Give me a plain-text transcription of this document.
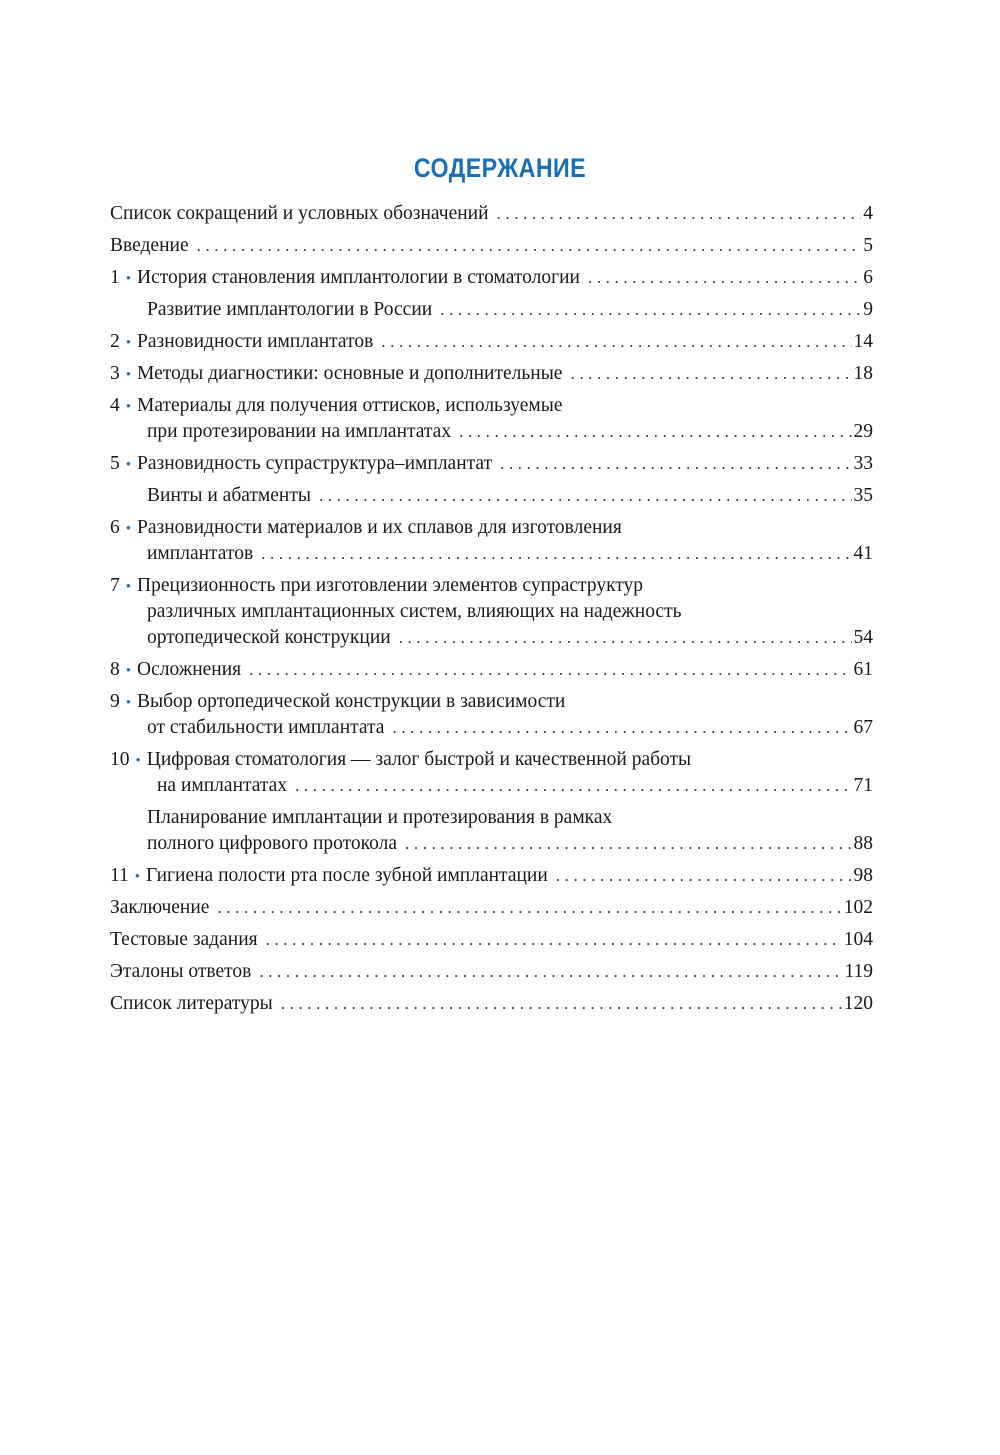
СОДЕРЖАНИЕ
Список сокращений и условных обозначений .....	4
Введение .....	5
1 • История становления имплантологии в стоматологии .....	6
Развитие имплантологии в России .....	9
2 • Разновидности имплантатов .....	14
3 • Методы диагностики: основные и дополнительные .....	18
4 • Материалы для получения оттисков, используемые
при протезировании на имплантатах .....	29
5 • Разновидность супраструктура–имплантат .....	33
Винты и абатменты .....	35
6 • Разновидности материалов и их сплавов для изготовления
имплантатов .....	41
7 • Прецизионность при изготовлении элементов супраструктур
различных имплантационных систем, влияющих на надежность
ортопедической конструкции .....	54
8 • Осложнения .....	61
9 • Выбор ортопедической конструкции в зависимости
от стабильности имплантата .....	67
10 • Цифровая стоматология — залог быстрой и качественной работы
на имплантатах .....	71
Планирование имплантации и протезирования в рамках
полного цифрового протокола .....	88
11 • Гигиена полости рта после зубной имплантации .....	98
Заключение .....	102
Тестовые задания .....	104
Эталоны ответов .....	119
Список литературы .....	120
